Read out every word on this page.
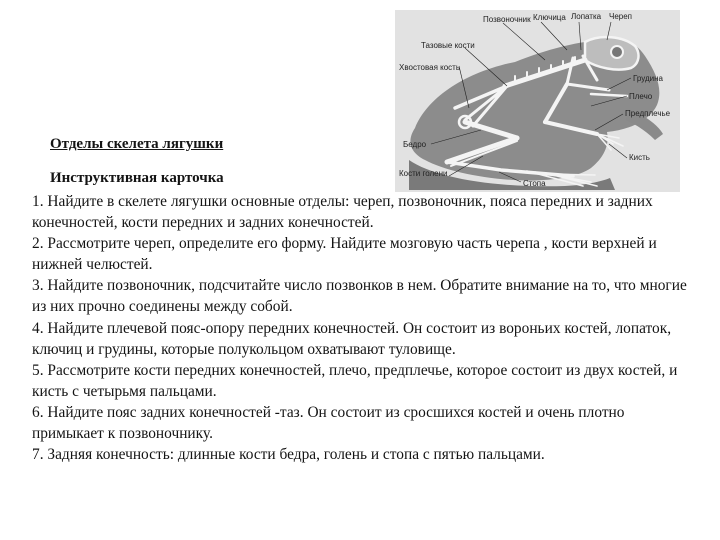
Позвоночник Ключица Лопатка Череп
Тазовые кости
Хвостовая кость
Грудина
Плечо
Предплечье
Бедро
Кисть
Кости голени
Стопа
Отделы скелета лягушки
Инструктивная карточка
1. Найдите в скелете лягушки основные отделы: череп, позвоночник, пояса передних и задних конечностей, кости передних и задних конечностей.
2. Рассмотрите череп, определите его форму. Найдите мозговую часть черепа , кости верхней и нижней челюстей.
3. Найдите позвоночник, подсчитайте число позвонков в нем. Обратите внимание на то, что многие из них прочно соединены между собой.
4. Найдите плечевой пояс-опору передних конечностей. Он состоит из вороньих костей, лопаток, ключиц и грудины, которые полукольцом охватывают туловище.
5. Рассмотрите кости передних конечностей, плечо, предплечье, которое состоит из двух костей, и кисть с четырьмя пальцами.
6. Найдите пояс задних конечностей -таз. Он состоит из сросшихся костей и очень плотно примыкает к позвоночнику.
7. Задняя конечность: длинные кости бедра, голень и стопа с пятью пальцами.
